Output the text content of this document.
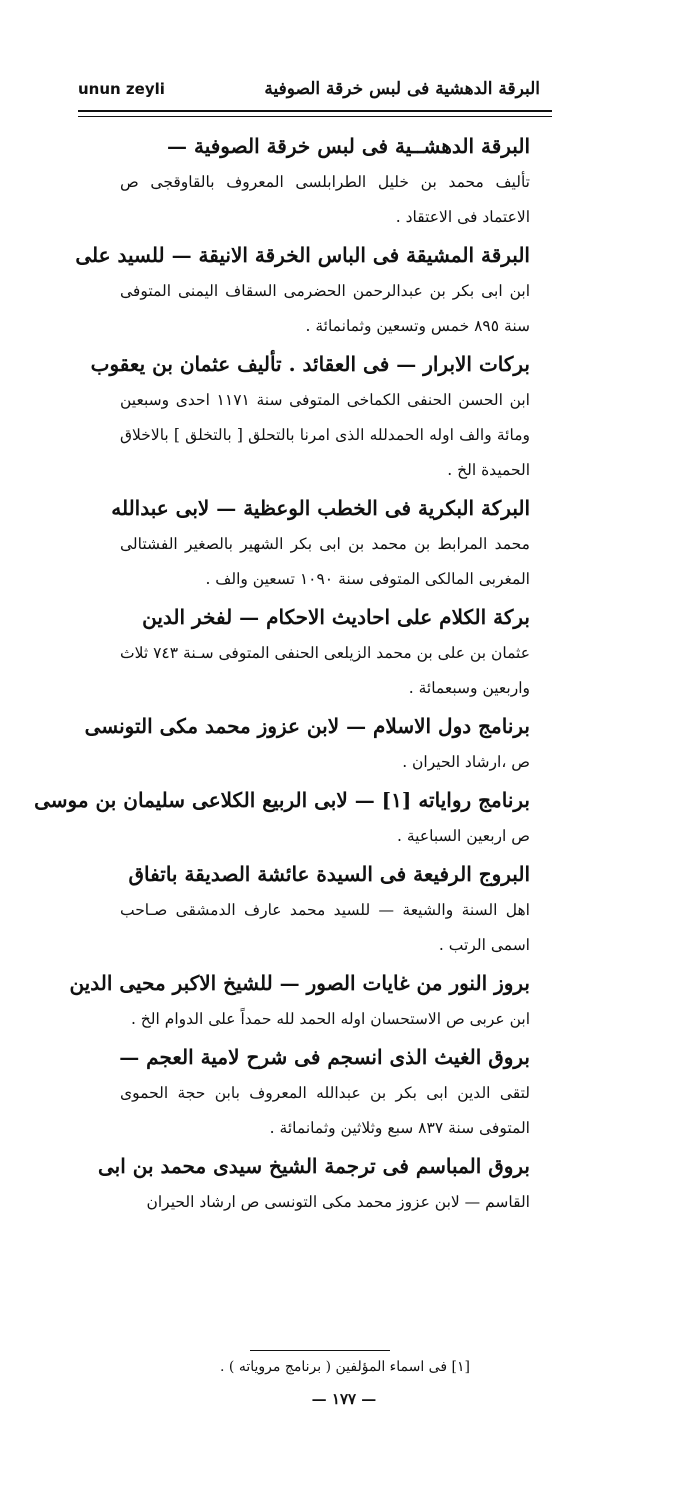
unun zeyli	البرقة الدهشية فى لبس خرقة الصوفية

البرقة الدهشــية فى لبس خرقة الصوفية —

تأليف محمد بن خليل الطرابلسى المعروف بالقاوقجى ص الاعتماد فى الاعتقاد .

البرقة المشيقة فى الباس الخرقة الانيقة — للسيد على

ابن ابى بكر بن عبدالرحمن الحضرمى السقاف اليمنى المتوفى سنة ٨٩٥ خمس وتسعين وثمانمائة .

بركات الابرار — فى العقائد . تأليف عثمان بن يعقوب

ابن الحسن الحنفى الكماخى المتوفى سنة ١١٧١ احدى وسبعين ومائة والف اوله الحمدلله الذى امرنا بالتحلق [ بالتخلق ] بالاخلاق الحميدة الخ .

البركة البكرية فى الخطب الوعظية — لابى عبدالله

محمد المرابط بن محمد بن ابى بكر الشهير بالصغير الفشتالى المغربى المالكى المتوفى سنة ١٠٩٠ تسعين والف .

بركة الكلام على احاديث الاحكام — لفخر الدين

عثمان بن على بن محمد الزيلعى الحنفى المتوفى سـنة ٧٤٣ ثلاث واربعين وسبعمائة .

برنامج دول الاسلام — لابن عزوز محمد مكى التونسى

ص ،ارشاد الحيران .

برنامج رواياته [١] — لابى الربيع الكلاعى سليمان بن موسى

ص اربعين السباعية .

البروج الرفيعة فى السيدة عائشة الصديقة باتفاق

اهل السنة والشيعة — للسيد محمد عارف الدمشقى صـاحب اسمى الرتب .

بروز النور من غايات الصور — للشيخ الاكبر محيى الدين

ابن عربى ص الاستحسان اوله الحمد لله حمداً على الدوام الخ .

بروق الغيث الذى انسجم فى شرح لامية العجم —

لتقى الدين ابى بكر بن عبدالله المعروف بابن حجة الحموى المتوفى سنة ٨٣٧ سبع وثلاثين وثمانمائة .

بروق المباسم فى ترجمة الشيخ سيدى محمد بن ابى

القاسم — لابن عزوز محمد مكى التونسى ص ارشاد الحيران

[١] فى اسماء المؤلفين ( برنامج مروياته ) .
— ١٧٧ —
